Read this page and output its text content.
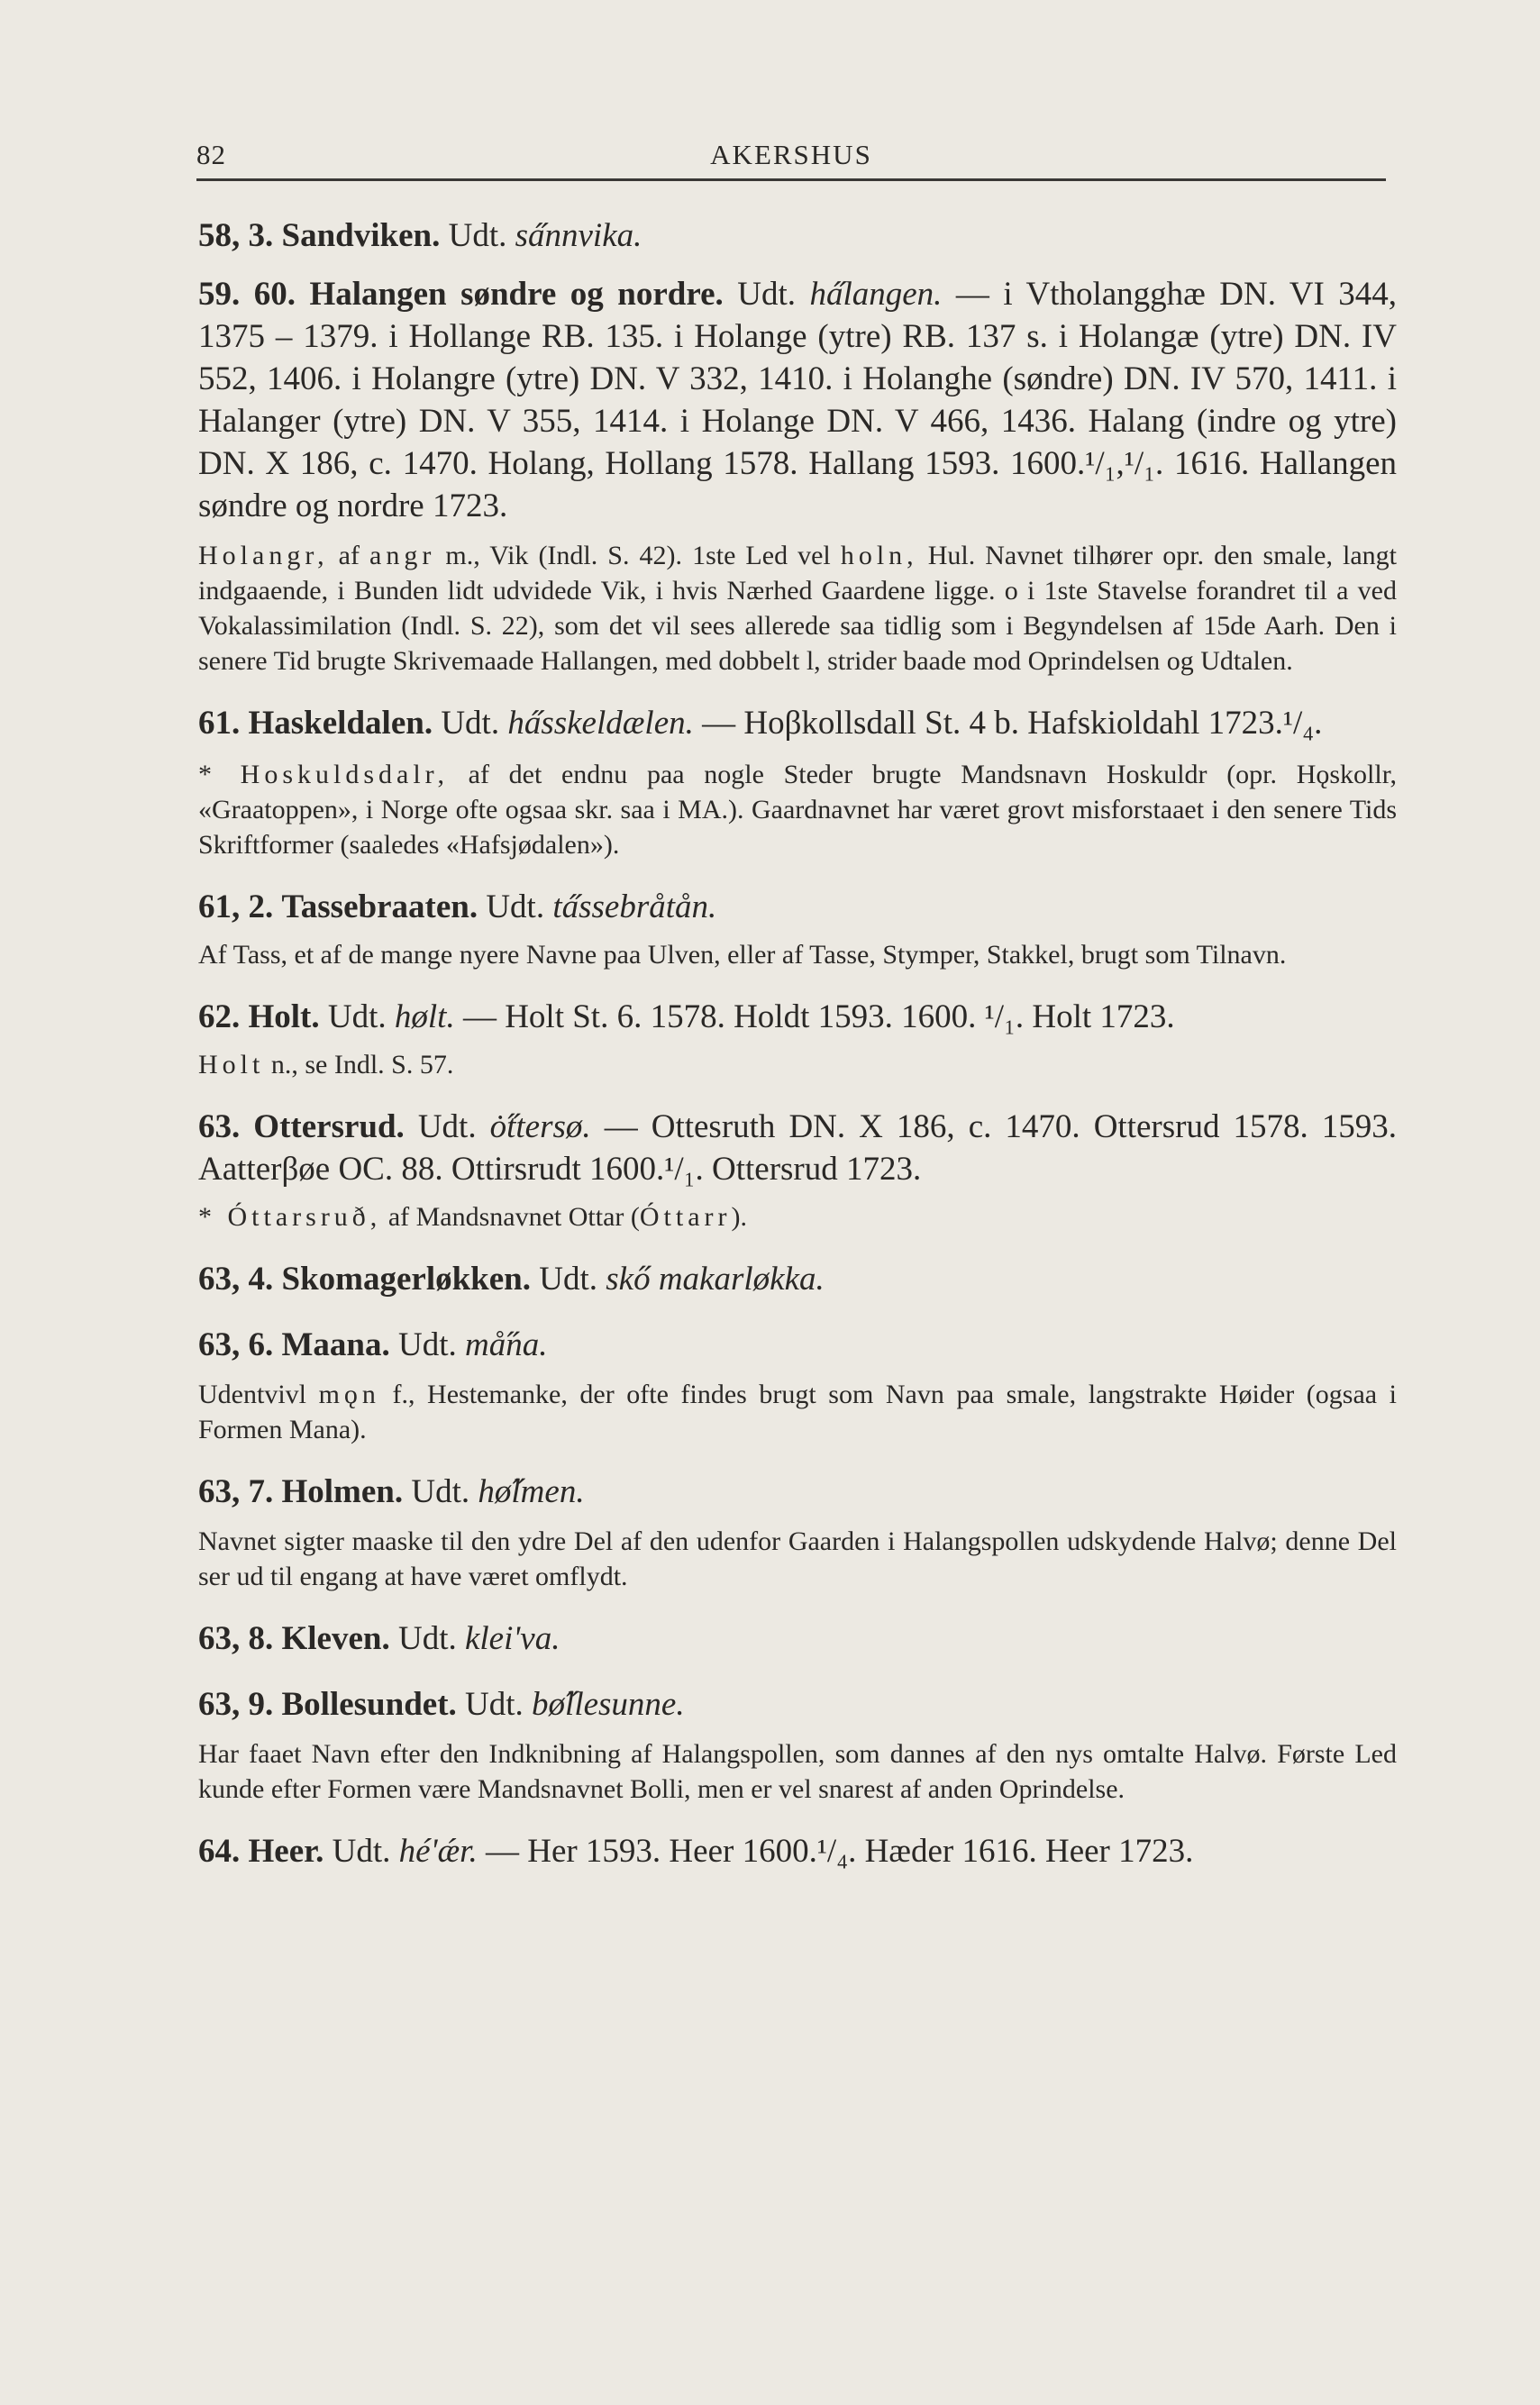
82	AKERSHUS

58, 3. Sandviken. Udt. sa̋nnvika.

59. 60. Halangen søndre og nordre. Udt. ha̋langen. — i Vtholangghæ DN. VI 344, 1375 – 1379. i Hollange RB. 135. i Holange (ytre) RB. 137 s. i Holangæ (ytre) DN. IV 552, 1406. i Holangre (ytre) DN. V 332, 1410. i Holanghe (søndre) DN. IV 570, 1411. i Halanger (ytre) DN. V 355, 1414. i Holange DN. V 466, 1436. Halang (indre og ytre) DN. X 186, c. 1470. Holang, Hollang 1578. Hallang 1593. 1600.¹/₁,¹/₁. 1616. Hallangen søndre og nordre 1723.

Holangr, af angr m., Vik (Indl. S. 42). 1ste Led vel holn, Hul. Navnet tilhører opr. den smale, langt indgaaende, i Bunden lidt udvidede Vik, i hvis Nærhed Gaardene ligge. o i 1ste Stavelse forandret til a ved Vokalassimilation (Indl. S. 22), som det vil sees allerede saa tidlig som i Begyndelsen af 15de Aarh. Den i senere Tid brugte Skrivemaade Hallangen, med dobbelt l, strider baade mod Oprindelsen og Udtalen.

61. Haskeldalen. Udt. ha̋sskeldælen. — Hoβkollsdall St. 4 b. Hafskioldahl 1723.¹/₄.

* Hoskuldsdalr, af det endnu paa nogle Steder brugte Mandsnavn Hoskuldr (opr. Hǫskollr, «Graatoppen», i Norge ofte ogsaa skr. saa i MA.). Gaardnavnet har været grovt misforstaaet i den senere Tids Skriftformer (saaledes «Hafsjødalen»).

61, 2. Tassebraaten. Udt. ta̋ssebråtån.

Af Tass, et af de mange nyere Navne paa Ulven, eller af Tasse, Stymper, Stakkel, brugt som Tilnavn.

62. Holt. Udt. hølt. — Holt St. 6. 1578. Holdt 1593. 1600. ¹/₁. Holt 1723.

Holt n., se Indl. S. 57.

63. Ottersrud. Udt. ȯ̋ttersø. — Ottesruth DN. X 186, c. 1470. Ottersrud 1578. 1593. Aatterβøe OC. 88. Ottirsrudt 1600.¹/₁. Ottersrud 1723.

* Óttarsruð, af Mandsnavnet Ottar (Óttarr).

63, 4. Skomagerløkken. Udt. skő makarløkka.

63, 6. Maana. Udt. må̋na.

Udentvivl mǫn f., Hestemanke, der ofte findes brugt som Navn paa smale, langstrakte Høider (ogsaa i Formen Mana).

63, 7. Holmen. Udt. hø̋lmen.

Navnet sigter maaske til den ydre Del af den udenfor Gaarden i Halangspollen udskydende Halvø; denne Del ser ud til engang at have været omflydt.

63, 8. Kleven. Udt. klei'va.

63, 9. Bollesundet. Udt. bø̋llesunne.

Har faaet Navn efter den Indknibning af Halangspollen, som dannes af den nys omtalte Halvø. Første Led kunde efter Formen være Mandsnavnet Bolli, men er vel snarest af anden Oprindelse.

64. Heer. Udt. hé'ǽr. — Her 1593. Heer 1600.¹/₄. Hæder 1616. Heer 1723.
